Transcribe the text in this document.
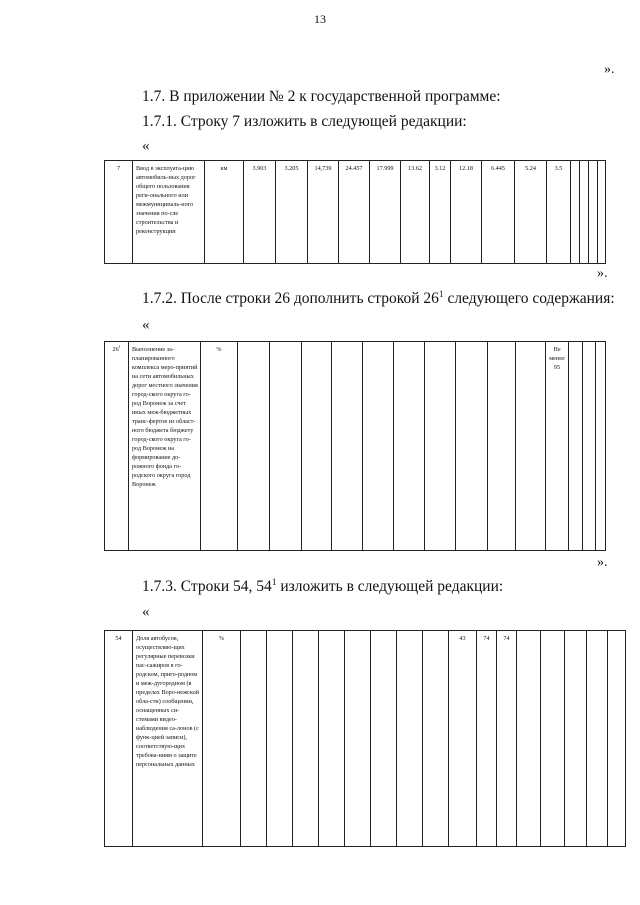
13
».
1.7. В приложении № 2 к государственной программе:
1.7.1. Строку 7 изложить в следующей редакции:
«
7	Ввод в эксплуата-цию автомобиль-ных дорог общего пользования реги-онального или межмуниципаль-ного значения по-сле строительства и реконструкции	км	3.903	3.205	14,739	24.457	17.999	13.62	3.12	12.18	6.445	5.24	3.5				
».
1.7.2. После строки 26 дополнить строкой $26^1$ следующего содержания:
«
$26^1$	Выполнение за-планированного комплекса меро-приятий на сети автомобильных дорог местного значения город-ского округа го-род Воронеж за счет иных меж-бюджетных транс-фертов из област-ного бюджета бюджету город-ского округа го-род Воронеж на формирование до-рожного фонда го-родского округа город Воронеж	%											Не менее 95				
».
1.7.3. Строки 54, $54^1$ изложить в следующей редакции:
«
54	Доля автобусов, осуществляю-щих регулярные перевозки пас-сажиров в го-родском, приго-родном и меж-дугородном (в пределах Воро-нежской обла-сти) сообщении, оснащенных си-стемами видео-наблюдения са-лонов (с функ-цией записи), соответствую-щих требова-ниям о защите персональных данных	%									43	74	74					
